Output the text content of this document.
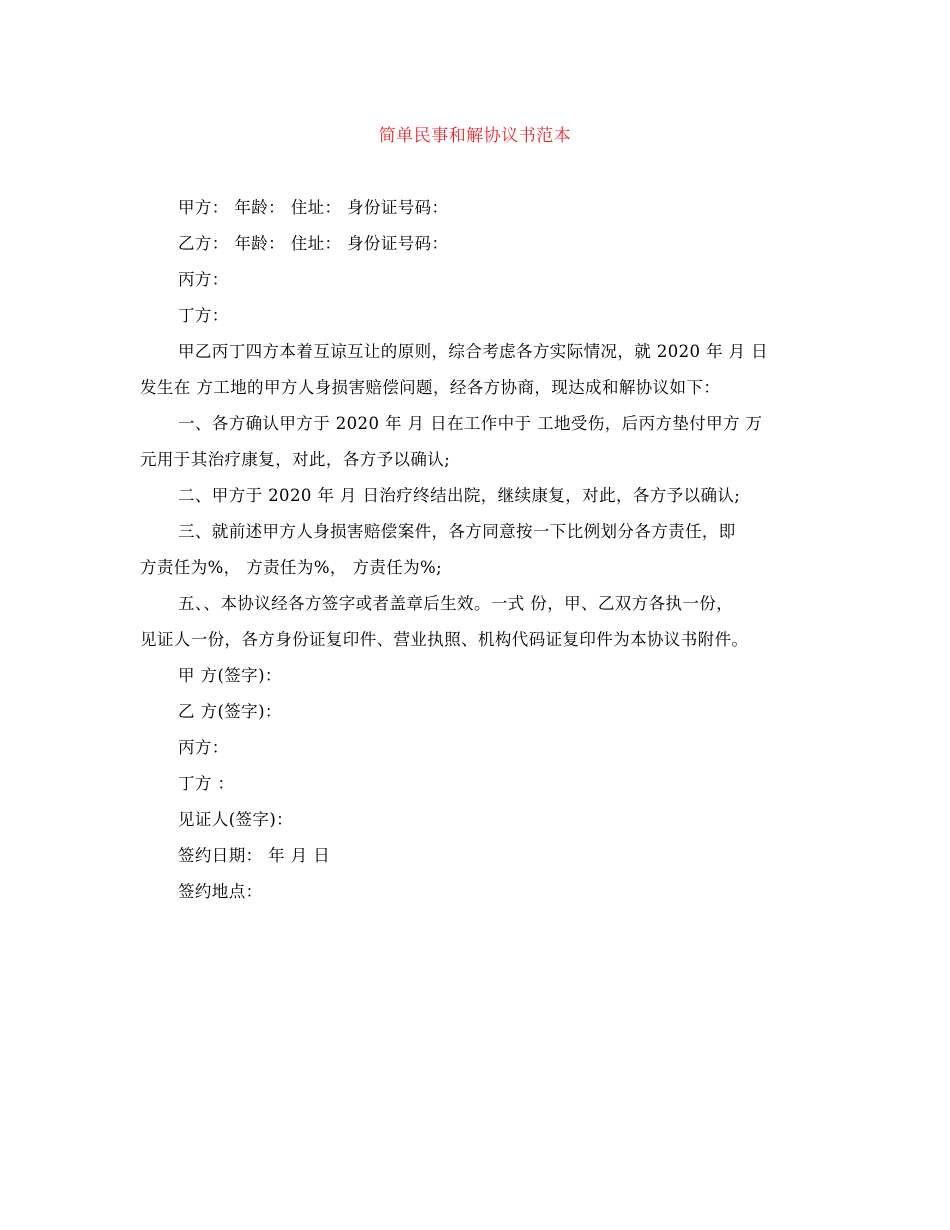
简单民事和解协议书范本
甲方： 年龄： 住址： 身份证号码：
乙方： 年龄： 住址： 身份证号码：
丙方：
丁方：
甲乙丙丁四方本着互谅互让的原则，综合考虑各方实际情况，就 2020 年 月 日
发生在 方工地的甲方人身损害赔偿问题，经各方协商，现达成和解协议如下：
一、各方确认甲方于 2020 年 月 日在工作中于 工地受伤，后丙方垫付甲方 万
元用于其治疗康复，对此，各方予以确认;
二、甲方于 2020 年 月 日治疗终结出院，继续康复，对此，各方予以确认;
三、就前述甲方人身损害赔偿案件，各方同意按一下比例划分各方责任，即
方责任为%， 方责任为%， 方责任为%;
五、、本协议经各方签字或者盖章后生效。一式 份，甲、乙双方各执一份，
见证人一份，各方身份证复印件、营业执照、机构代码证复印件为本协议书附件。
甲 方(签字)：
乙 方(签字)：
丙方：
丁方 ：
见证人(签字)：
签约日期： 年 月 日
签约地点：
